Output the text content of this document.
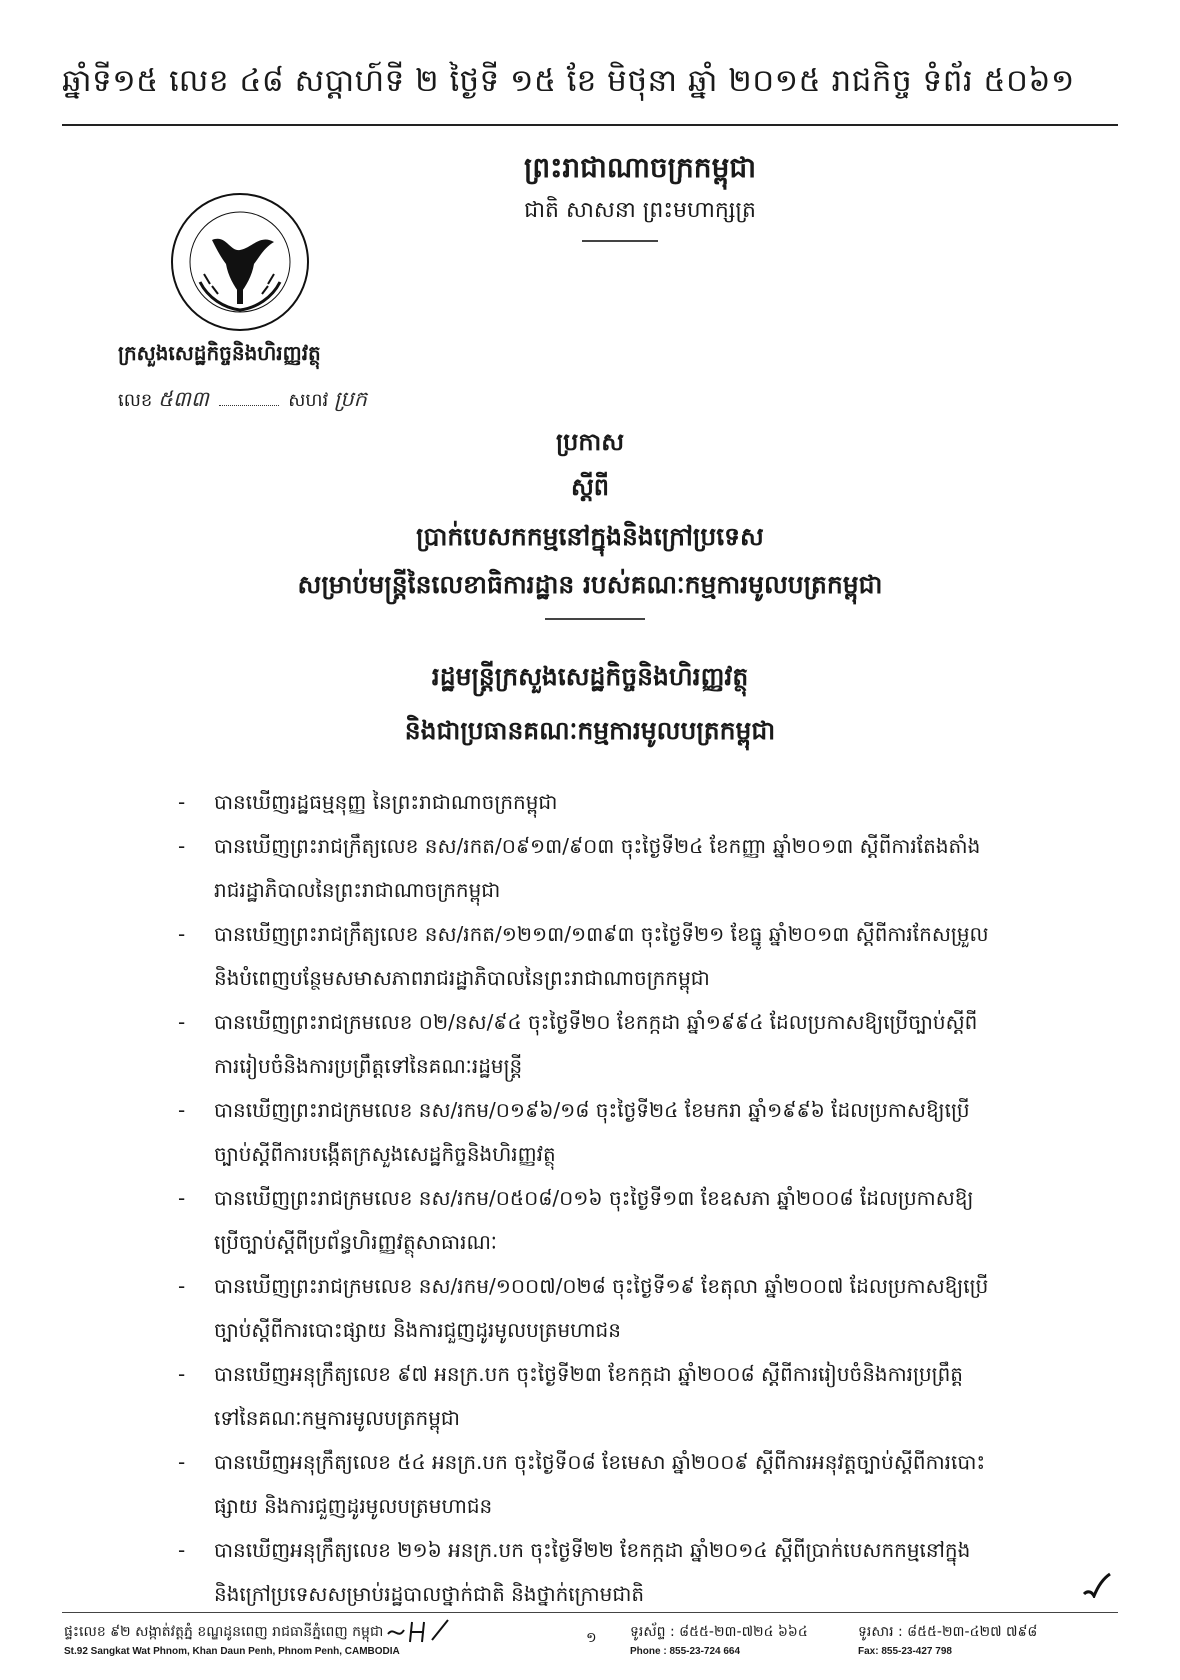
ឆ្នាំទី១៥ លេខ ៤៨ សប្តាហ៍ទី ២ ថ្ងៃទី ១៥ ខែ មិថុនា ឆ្នាំ ២០១៥ រាជកិច្ច ទំព័រ ៥០៦១
ព្រះរាជាណាចក្រកម្ពុជា
ជាតិ សាសនា ព្រះមហាក្សត្រ
ក្រសួងសេដ្ឋកិច្ចនិងហិរញ្ញវត្ថុ
លេខ ៥៣៣	សហវ ប្រក
ប្រកាស
ស្តីពី
ប្រាក់បេសកកម្មនៅក្នុងនិងក្រៅប្រទេស
សម្រាប់មន្ត្រីនៃលេខាធិការដ្ឋាន របស់គណៈកម្មការមូលបត្រកម្ពុជា
រដ្ឋមន្ត្រីក្រសួងសេដ្ឋកិច្ចនិងហិរញ្ញវត្ថុ
និងជាប្រធានគណៈកម្មការមូលបត្រកម្ពុជា
- បានឃើញរដ្ឋធម្មនុញ្ញ នៃព្រះរាជាណាចក្រកម្ពុជា
- បានឃើញព្រះរាជក្រឹត្យលេខ នស/រកត/០៩១៣/៩០៣ ចុះថ្ងៃទី២៤ ខែកញ្ញា ឆ្នាំ២០១៣ ស្តីពីការតែងតាំង
រាជរដ្ឋាភិបាលនៃព្រះរាជាណាចក្រកម្ពុជា
- បានឃើញព្រះរាជក្រឹត្យលេខ នស/រកត/១២១៣/១៣៩៣ ចុះថ្ងៃទី២១ ខែធ្នូ ឆ្នាំ២០១៣ ស្តីពីការកែសម្រួល
និងបំពេញបន្ថែមសមាសភាពរាជរដ្ឋាភិបាលនៃព្រះរាជាណាចក្រកម្ពុជា
- បានឃើញព្រះរាជក្រមលេខ ០២/នស/៩៤ ចុះថ្ងៃទី២០ ខែកក្កដា ឆ្នាំ១៩៩៤ ដែលប្រកាសឱ្យប្រើច្បាប់ស្តីពី
ការរៀបចំនិងការប្រព្រឹត្តទៅនៃគណៈរដ្ឋមន្ត្រី
- បានឃើញព្រះរាជក្រមលេខ នស/រកម/០១៩៦/១៨ ចុះថ្ងៃទី២៤ ខែមករា ឆ្នាំ១៩៩៦ ដែលប្រកាសឱ្យប្រើ
ច្បាប់ស្តីពីការបង្កើតក្រសួងសេដ្ឋកិច្ចនិងហិរញ្ញវត្ថុ
- បានឃើញព្រះរាជក្រមលេខ នស/រកម/០៥០៨/០១៦ ចុះថ្ងៃទី១៣ ខែឧសភា ឆ្នាំ២០០៨ ដែលប្រកាសឱ្យ
ប្រើច្បាប់ស្តីពីប្រព័ន្ធហិរញ្ញវត្ថុសាធារណៈ
- បានឃើញព្រះរាជក្រមលេខ នស/រកម/១០០៧/០២៨ ចុះថ្ងៃទី១៩ ខែតុលា ឆ្នាំ២០០៧ ដែលប្រកាសឱ្យប្រើ
ច្បាប់ស្តីពីការបោះផ្សាយ និងការជួញដូរមូលបត្រមហាជន
- បានឃើញអនុក្រឹត្យលេខ ៩៧ អនក្រ.បក ចុះថ្ងៃទី២៣ ខែកក្កដា ឆ្នាំ២០០៨ ស្តីពីការរៀបចំនិងការប្រព្រឹត្ត
ទៅនៃគណៈកម្មការមូលបត្រកម្ពុជា
- បានឃើញអនុក្រឹត្យលេខ ៥៤ អនក្រ.បក ចុះថ្ងៃទី០៨ ខែមេសា ឆ្នាំ២០០៩ ស្តីពីការអនុវត្តច្បាប់ស្តីពីការបោះ
ផ្សាយ និងការជួញដូរមូលបត្រមហាជន
- បានឃើញអនុក្រឹត្យលេខ ២១៦ អនក្រ.បក ចុះថ្ងៃទី២២ ខែកក្កដា ឆ្នាំ២០១៤ ស្តីពីប្រាក់បេសកកម្មនៅក្នុង
និងក្រៅប្រទេសសម្រាប់រដ្ឋបាលថ្នាក់ជាតិ និងថ្នាក់ក្រោមជាតិ
ផ្ទះលេខ ៩២ សង្កាត់វត្តភ្នំ ខណ្ឌដូនពេញ រាជធានីភ្នំពេញ កម្ពុជា
St.92 Sangkat Wat Phnom, Khan Daun Penh, Phnom Penh, CAMBODIA
១ ទូរស័ព្ទ : ៨៥៥-២៣-៧២៤ ៦៦៤
Phone : 855-23-724 664
ទូរសារ : ៨៥៥-២៣-៤២៧ ៧៩៨
Fax: 855-23-427 798
